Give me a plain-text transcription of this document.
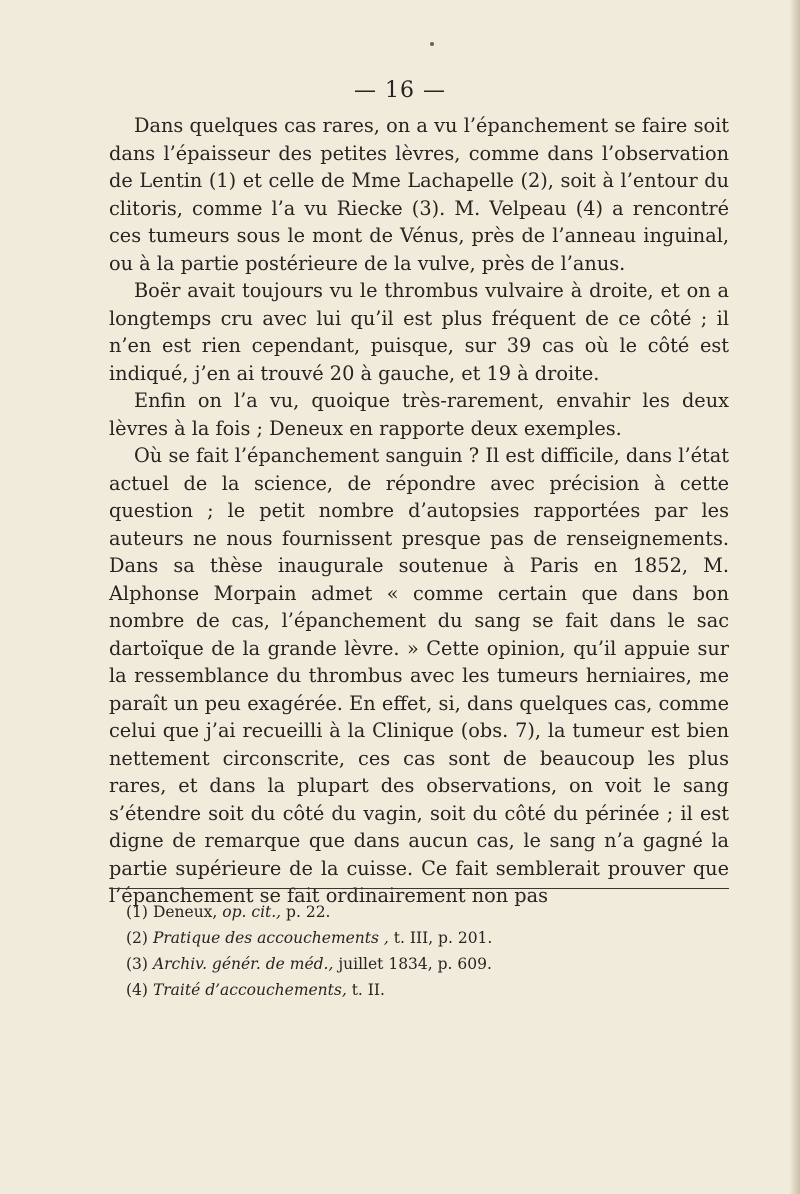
— 16 —

Dans quelques cas rares, on a vu l’épanchement se faire soit dans l’épaisseur des petites lèvres, comme dans l’observation de Lentin (1) et celle de Mme Lachapelle (2), soit à l’entour du clitoris, comme l’a vu Riecke (3). M. Velpeau (4) a rencontré ces tumeurs sous le mont de Vénus, près de l’anneau inguinal, ou à la partie postérieure de la vulve, près de l’anus.

Boër avait toujours vu le thrombus vulvaire à droite, et on a longtemps cru avec lui qu’il est plus fréquent de ce côté ; il n’en est rien cependant, puisque, sur 39 cas où le côté est indiqué, j’en ai trouvé 20 à gauche, et 19 à droite.

Enfin on l’a vu, quoique très-rarement, envahir les deux lèvres à la fois ; Deneux en rapporte deux exemples.

Où se fait l’épanchement sanguin ? Il est difficile, dans l’état actuel de la science, de répondre avec précision à cette question ; le petit nombre d’autopsies rapportées par les auteurs ne nous fournissent presque pas de renseignements. Dans sa thèse inaugurale soutenue à Paris en 1852, M. Alphonse Morpain admet « comme certain que dans bon nombre de cas, l’épanchement du sang se fait dans le sac dartoïque de la grande lèvre. » Cette opinion, qu’il appuie sur la ressemblance du thrombus avec les tumeurs herniaires, me paraît un peu exagérée. En effet, si, dans quelques cas, comme celui que j’ai recueilli à la Clinique (obs. 7), la tumeur est bien nettement circonscrite, ces cas sont de beaucoup les plus rares, et dans la plupart des observations, on voit le sang s’étendre soit du côté du vagin, soit du côté du périnée ; il est digne de remarque que dans aucun cas, le sang n’a gagné la partie supérieure de la cuisse. Ce fait semblerait prouver que l’épanchement se fait ordinairement non pas

(1) Deneux, op. cit., p. 22.
(2) Pratique des accouchements , t. III, p. 201.
(3) Archiv. génér. de méd., juillet 1834, p. 609.
(4) Traité d’accouchements, t. II.
